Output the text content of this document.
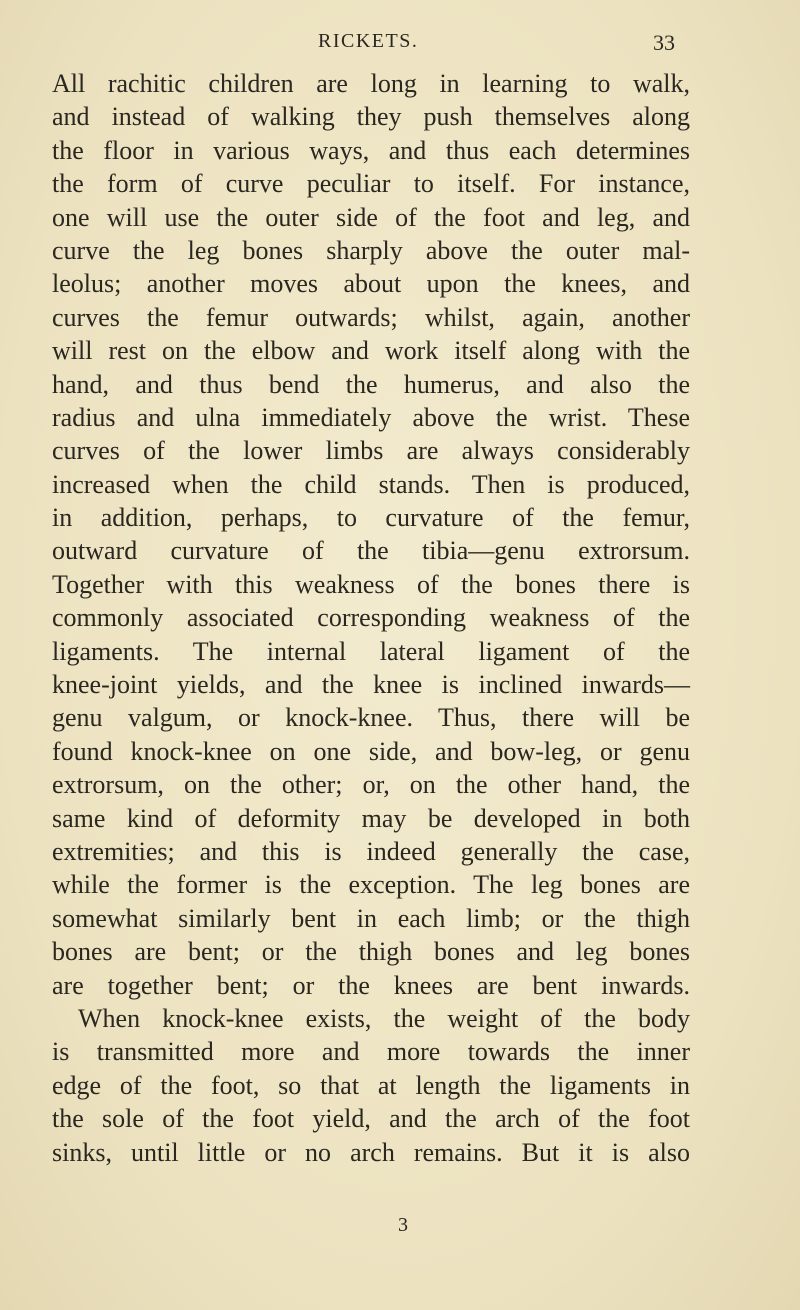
RICKETS.	33
All rachitic children are long in learning to walk,
and instead of walking they push themselves along
the floor in various ways, and thus each determines
the form of curve peculiar to itself. For instance,
one will use the outer side of the foot and leg, and
curve the leg bones sharply above the outer mal-
leolus; another moves about upon the knees, and
curves the femur outwards; whilst, again, another
will rest on the elbow and work itself along with the
hand, and thus bend the humerus, and also the
radius and ulna immediately above the wrist. These
curves of the lower limbs are always considerably
increased when the child stands. Then is produced,
in addition, perhaps, to curvature of the femur,
outward curvature of the tibia—genu extrorsum.
Together with this weakness of the bones there is
commonly associated corresponding weakness of the
ligaments. The internal lateral ligament of the
knee-joint yields, and the knee is inclined inwards—
genu valgum, or knock-knee. Thus, there will be
found knock-knee on one side, and bow-leg, or genu
extrorsum, on the other; or, on the other hand, the
same kind of deformity may be developed in both
extremities; and this is indeed generally the case,
while the former is the exception. The leg bones are
somewhat similarly bent in each limb; or the thigh
bones are bent; or the thigh bones and leg bones
are together bent; or the knees are bent inwards.
When knock-knee exists, the weight of the body
is transmitted more and more towards the inner
edge of the foot, so that at length the ligaments in
the sole of the foot yield, and the arch of the foot
sinks, until little or no arch remains. But it is also
3
